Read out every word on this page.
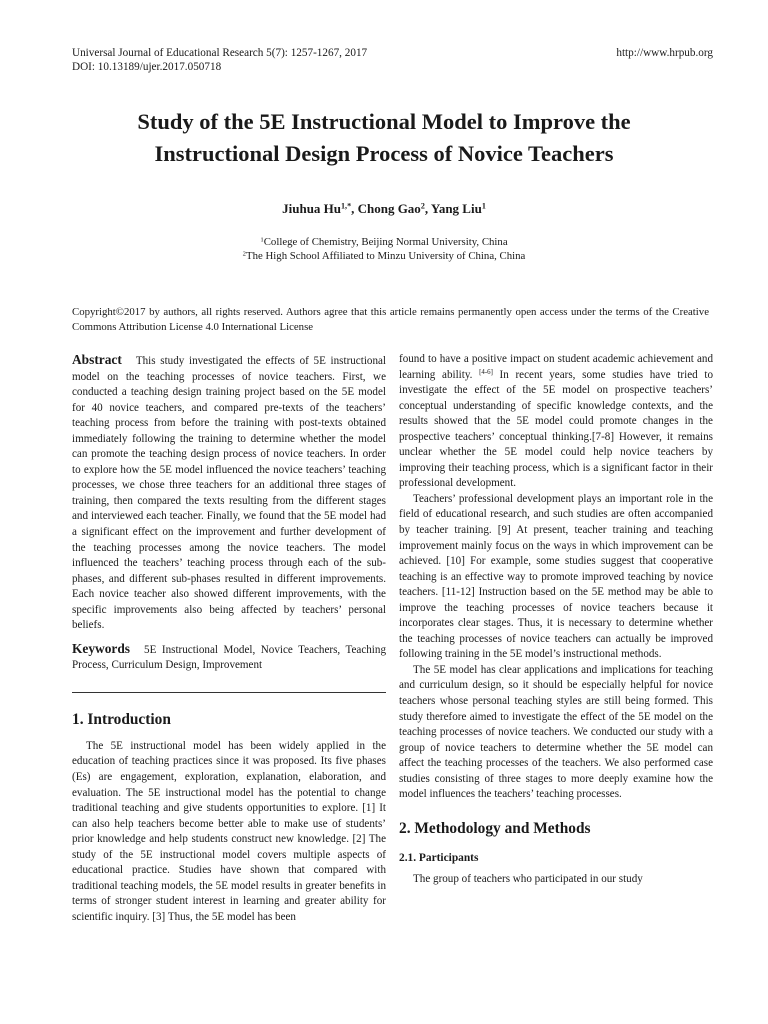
Universal Journal of Educational Research 5(7): 1257-1267, 2017
DOI: 10.13189/ujer.2017.050718
http://www.hrpub.org
Study of the 5E Instructional Model to Improve the
Instructional Design Process of Novice Teachers
Jiuhua $Hu^{1,*}$, Chong Gao$^2$, Yang Liu$^1$
$^1$College of Chemistry, Beijing Normal University, China
$^2$The High School Affiliated to Minzu University of China, China
Copyright©2017 by authors, all rights reserved. Authors agree that this article remains permanently open access under the terms of the Creative Commons Attribution License 4.0 International License

Abstract This study investigated the effects of 5E instructional model on the teaching processes of novice teachers. First, we conducted a teaching design training project based on the 5E model for 40 novice teachers, and compared pre-texts of the teachers’ teaching process from before the training with post-texts obtained immediately following the training to determine whether the model can promote the teaching design process of novice teachers. In order to explore how the 5E model influenced the novice teachers’ teaching processes, we chose three teachers for an additional three stages of training, then compared the texts resulting from the different stages and interviewed each teacher. Finally, we found that the 5E model had a significant effect on the improvement and further development of the teaching processes among the novice teachers. The model influenced the teachers’ teaching process through each of the sub-phases, and different sub-phases resulted in different improvements. Each novice teacher also showed different improvements, with the specific improvements also being affected by teachers’ personal beliefs.

Keywords 5E Instructional Model, Novice Teachers, Teaching Process, Curriculum Design, Improvement

1. Introduction

The 5E instructional model has been widely applied in the education of teaching practices since it was proposed. Its five phases (Es) are engagement, exploration, explanation, elaboration, and evaluation. The 5E instructional model has the potential to change traditional teaching and give students opportunities to explore. [1] It can also help teachers become better able to make use of students’ prior knowledge and help students construct new knowledge. [2] The study of the 5E instructional model covers multiple aspects of educational practice. Studies have shown that compared with traditional teaching models, the 5E model results in greater benefits in terms of stronger student interest in learning and greater ability for scientific inquiry. [3] Thus, the 5E model has been

found to have a positive impact on student academic achievement and learning ability. [4-6] In recent years, some studies have tried to investigate the effect of the 5E model on prospective teachers’ conceptual understanding of specific knowledge contexts, and the results showed that the 5E model could promote changes in the prospective teachers’ conceptual thinking.[7-8] However, it remains unclear whether the 5E model could help novice teachers by improving their teaching process, which is a significant factor in their professional development.

Teachers’ professional development plays an important role in the field of educational research, and such studies are often accompanied by teacher training. [9] At present, teacher training and teaching improvement mainly focus on the ways in which improvement can be achieved. [10] For example, some studies suggest that cooperative teaching is an effective way to promote improved teaching by novice teachers. [11-12] Instruction based on the 5E method may be able to improve the teaching processes of novice teachers because it incorporates clear stages. Thus, it is necessary to determine whether the teaching processes of novice teachers can actually be improved following training in the 5E model’s instructional methods.

The 5E model has clear applications and implications for teaching and curriculum design, so it should be especially helpful for novice teachers whose personal teaching styles are still being formed. This study therefore aimed to investigate the effect of the 5E model on the teaching processes of novice teachers. We conducted our study with a group of novice teachers to determine whether the 5E model can affect the teaching processes of the teachers. We also performed case studies consisting of three stages to more deeply examine how the model influences the teachers’ teaching processes.

2. Methodology and Methods
2.1. Participants

The group of teachers who participated in our study
